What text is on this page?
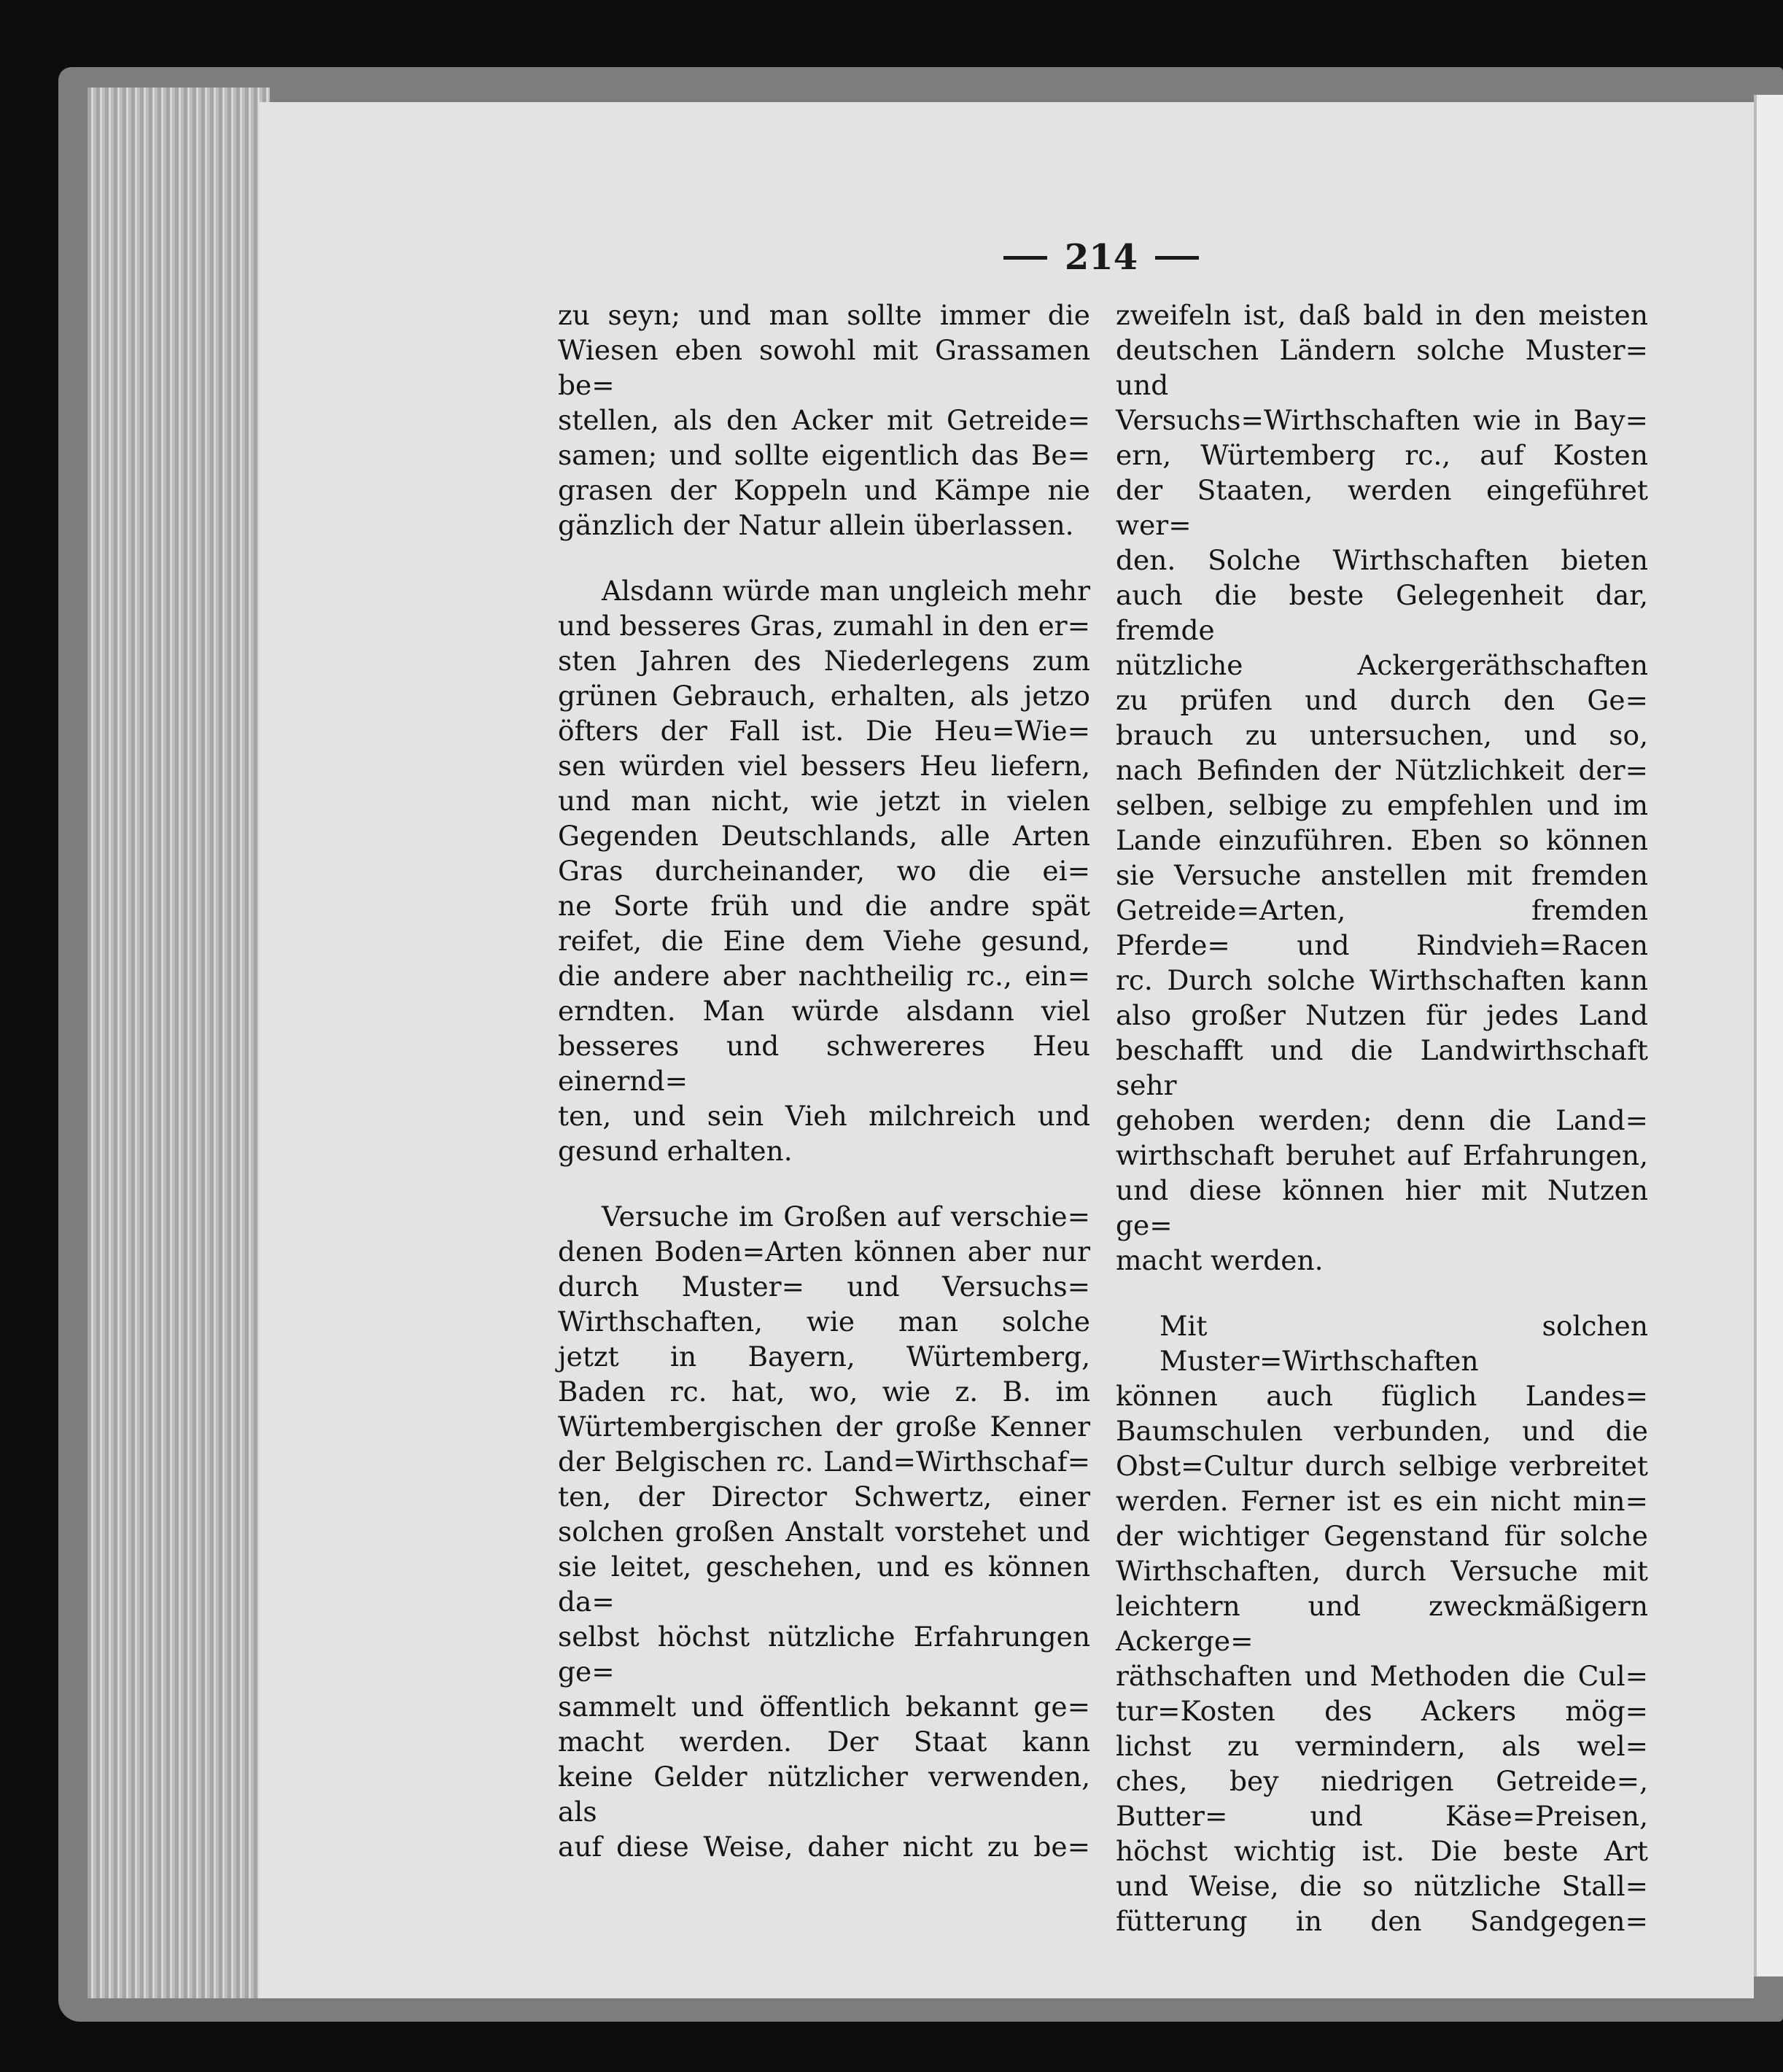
214

zu seyn; und man sollte immer die

Wiesen eben sowohl mit Grassamen be=

stellen, als den Acker mit Getreide=

samen; und sollte eigentlich das Be=

grasen der Koppeln und Kämpe nie

gänzlich der Natur allein überlassen.

Alsdann würde man ungleich mehr

und besseres Gras, zumahl in den er=

sten Jahren des Niederlegens zum

grünen Gebrauch, erhalten, als jetzo

öfters der Fall ist. Die Heu=Wie=

sen würden viel bessers Heu liefern,

und man nicht, wie jetzt in vielen

Gegenden Deutschlands, alle Arten

Gras durcheinander, wo die ei=

ne Sorte früh und die andre spät

reifet, die Eine dem Viehe gesund,

die andere aber nachtheilig rc., ein=

erndten. Man würde alsdann viel

besseres und schwereres Heu einernd=

ten, und sein Vieh milchreich und

gesund erhalten.

Versuche im Großen auf verschie=

denen Boden=Arten können aber nur

durch Muster= und Versuchs=

Wirthschaften, wie man solche

jetzt in Bayern, Würtemberg,

Baden rc. hat, wo, wie z. B. im

Würtembergischen der große Kenner

der Belgischen rc. Land=Wirthschaf=

ten, der Director Schwertz, einer

solchen großen Anstalt vorstehet und

sie leitet, geschehen, und es können da=

selbst höchst nützliche Erfahrungen ge=

sammelt und öffentlich bekannt ge=

macht werden. Der Staat kann

keine Gelder nützlicher verwenden, als

auf diese Weise, daher nicht zu be=

zweifeln ist, daß bald in den meisten

deutschen Ländern solche Muster= und

Versuchs=Wirthschaften wie in Bay=

ern, Würtemberg rc., auf Kosten

der Staaten, werden eingeführet wer=

den. Solche Wirthschaften bieten

auch die beste Gelegenheit dar, fremde

nützliche Ackergeräthschaften

zu prüfen und durch den Ge=

brauch zu untersuchen, und so,

nach Befinden der Nützlichkeit der=

selben, selbige zu empfehlen und im

Lande einzuführen. Eben so können

sie Versuche anstellen mit fremden

Getreide=Arten, fremden

Pferde= und Rindvieh=Racen

rc. Durch solche Wirthschaften kann

also großer Nutzen für jedes Land

beschafft und die Landwirthschaft sehr

gehoben werden; denn die Land=

wirthschaft beruhet auf Erfahrungen,

und diese können hier mit Nutzen ge=

macht werden.

Mit solchen Muster=Wirthschaften

können auch füglich Landes=

Baumschulen verbunden, und die

Obst=Cultur durch selbige verbreitet

werden. Ferner ist es ein nicht min=

der wichtiger Gegenstand für solche

Wirthschaften, durch Versuche mit

leichtern und zweckmäßigern Ackerge=

räthschaften und Methoden die Cul=

tur=Kosten des Ackers mög=

lichst zu vermindern, als wel=

ches, bey niedrigen Getreide=,

Butter= und Käse=Preisen,

höchst wichtig ist. Die beste Art

und Weise, die so nützliche Stall=

fütterung in den Sandgegen=
